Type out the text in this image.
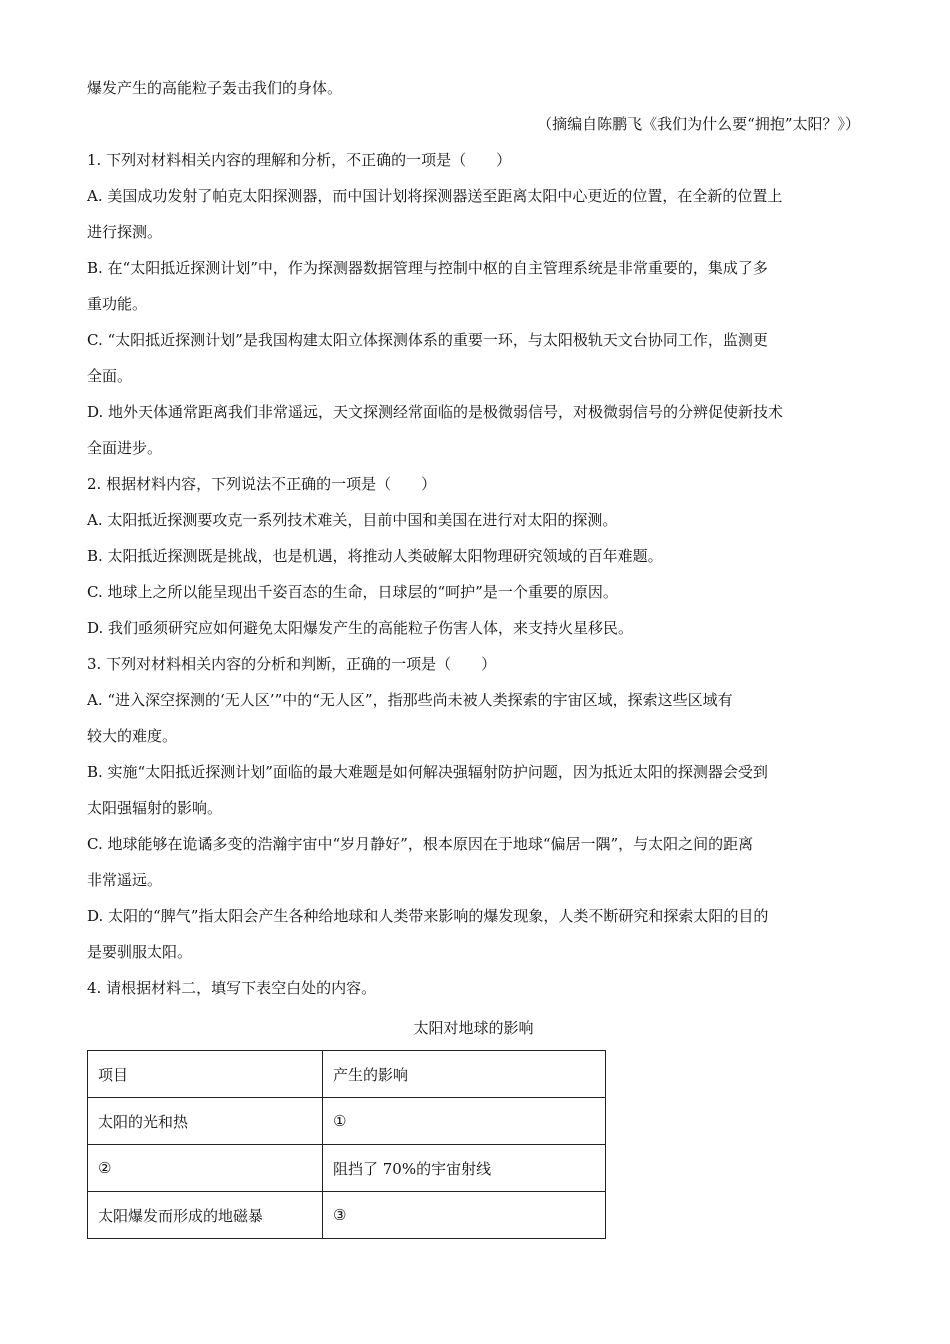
爆发产生的高能粒子轰击我们的身体。
（摘编自陈鹏飞《我们为什么要“拥抱”太阳？》）
1. 下列对材料相关内容的理解和分析，不正确的一项是（　　）
A. 美国成功发射了帕克太阳探测器，而中国计划将探测器送至距离太阳中心更近的位置，在全新的位置上
进行探测。
B. 在“太阳抵近探测计划”中，作为探测器数据管理与控制中枢的自主管理系统是非常重要的，集成了多
重功能。
C. “太阳抵近探测计划”是我国构建太阳立体探测体系的重要一环，与太阳极轨天文台协同工作，监测更
全面。
D. 地外天体通常距离我们非常遥远，天文探测经常面临的是极微弱信号，对极微弱信号的分辨促使新技术
全面进步。
2. 根据材料内容，下列说法不正确的一项是（　　）
A. 太阳抵近探测要攻克一系列技术难关，目前中国和美国在进行对太阳的探测。
B. 太阳抵近探测既是挑战，也是机遇，将推动人类破解太阳物理研究领域的百年难题。
C. 地球上之所以能呈现出千姿百态的生命，日球层的“呵护”是一个重要的原因。
D. 我们亟须研究应如何避免太阳爆发产生的高能粒子伤害人体，来支持火星移民。
3. 下列对材料相关内容的分析和判断，正确的一项是（　　）
A. “进入深空探测的‘无人区’”中的“无人区”，指那些尚未被人类探索的宇宙区域，探索这些区域有
较大的难度。
B. 实施“太阳抵近探测计划”面临的最大难题是如何解决强辐射防护问题，因为抵近太阳的探测器会受到
太阳强辐射的影响。
C. 地球能够在诡谲多变的浩瀚宇宙中“岁月静好”，根本原因在于地球“偏居一隅”，与太阳之间的距离
非常遥远。
D. 太阳的“脾气”指太阳会产生各种给地球和人类带来影响的爆发现象，人类不断研究和探索太阳的目的
是要驯服太阳。
4. 请根据材料二，填写下表空白处的内容。
太阳对地球的影响
项目	产生的影响
太阳的光和热	①
②	阻挡了 70%的宇宙射线
太阳爆发而形成的地磁暴	③
